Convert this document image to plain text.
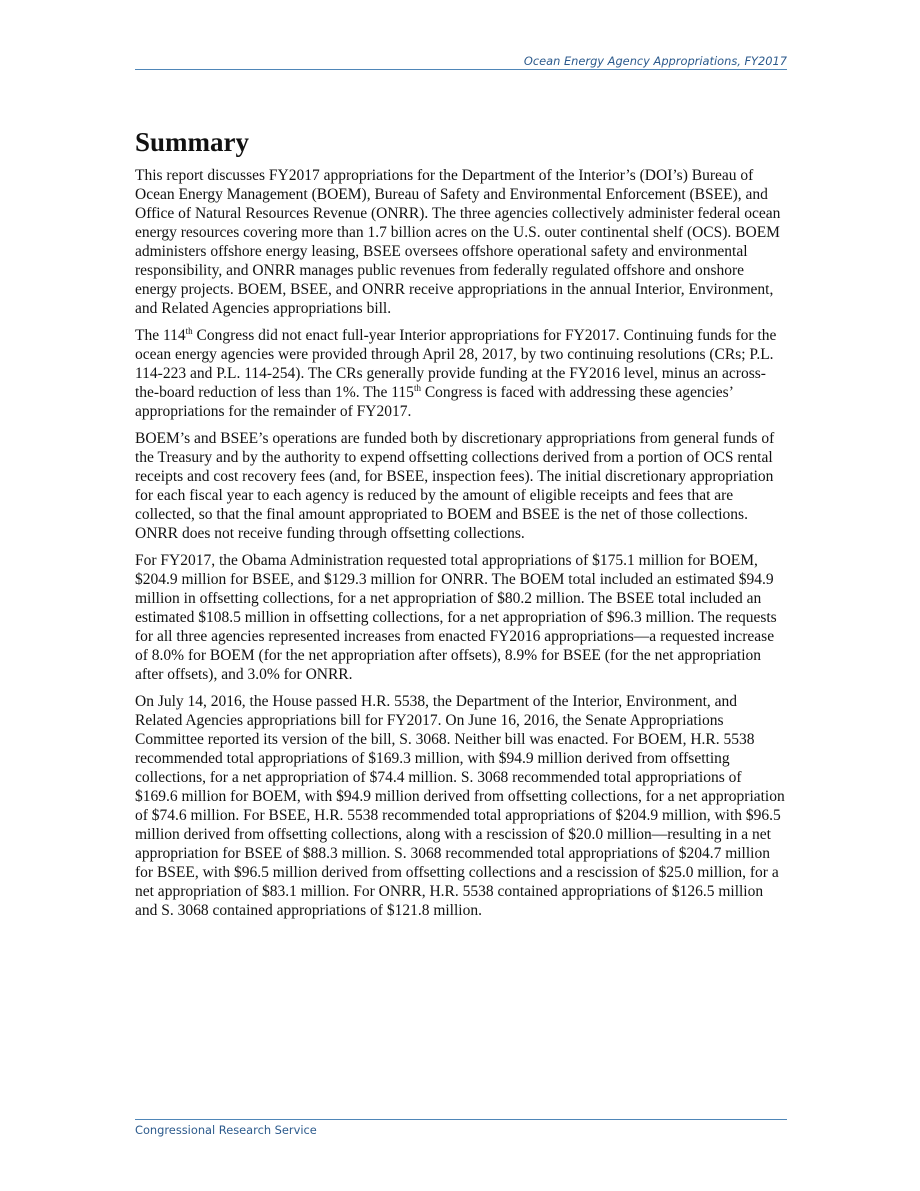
Ocean Energy Agency Appropriations, FY2017
Summary

This report discusses FY2017 appropriations for the Department of the Interior’s (DOI’s) Bureau of Ocean Energy Management (BOEM), Bureau of Safety and Environmental Enforcement (BSEE), and Office of Natural Resources Revenue (ONRR). The three agencies collectively administer federal ocean energy resources covering more than 1.7 billion acres on the U.S. outer continental shelf (OCS). BOEM administers offshore energy leasing, BSEE oversees offshore operational safety and environmental responsibility, and ONRR manages public revenues from federally regulated offshore and onshore energy projects. BOEM, BSEE, and ONRR receive appropriations in the annual Interior, Environment, and Related Agencies appropriations bill.

The 114th Congress did not enact full-year Interior appropriations for FY2017. Continuing funds for the ocean energy agencies were provided through April 28, 2017, by two continuing resolutions (CRs; P.L. 114-223 and P.L. 114-254). The CRs generally provide funding at the FY2016 level, minus an across-the-board reduction of less than 1%. The 115th Congress is faced with addressing these agencies’ appropriations for the remainder of FY2017.

BOEM’s and BSEE’s operations are funded both by discretionary appropriations from general funds of the Treasury and by the authority to expend offsetting collections derived from a portion of OCS rental receipts and cost recovery fees (and, for BSEE, inspection fees). The initial discretionary appropriation for each fiscal year to each agency is reduced by the amount of eligible receipts and fees that are collected, so that the final amount appropriated to BOEM and BSEE is the net of those collections. ONRR does not receive funding through offsetting collections.

For FY2017, the Obama Administration requested total appropriations of $175.1 million for BOEM, $204.9 million for BSEE, and $129.3 million for ONRR. The BOEM total included an estimated $94.9 million in offsetting collections, for a net appropriation of $80.2 million. The BSEE total included an estimated $108.5 million in offsetting collections, for a net appropriation of $96.3 million. The requests for all three agencies represented increases from enacted FY2016 appropriations—a requested increase of 8.0% for BOEM (for the net appropriation after offsets), 8.9% for BSEE (for the net appropriation after offsets), and 3.0% for ONRR.

On July 14, 2016, the House passed H.R. 5538, the Department of the Interior, Environment, and Related Agencies appropriations bill for FY2017. On June 16, 2016, the Senate Appropriations Committee reported its version of the bill, S. 3068. Neither bill was enacted. For BOEM, H.R. 5538 recommended total appropriations of $169.3 million, with $94.9 million derived from offsetting collections, for a net appropriation of $74.4 million. S. 3068 recommended total appropriations of $169.6 million for BOEM, with $94.9 million derived from offsetting collections, for a net appropriation of $74.6 million. For BSEE, H.R. 5538 recommended total appropriations of $204.9 million, with $96.5 million derived from offsetting collections, along with a rescission of $20.0 million—resulting in a net appropriation for BSEE of $88.3 million. S. 3068 recommended total appropriations of $204.7 million for BSEE, with $96.5 million derived from offsetting collections and a rescission of $25.0 million, for a net appropriation of $83.1 million. For ONRR, H.R. 5538 contained appropriations of $126.5 million and S. 3068 contained appropriations of $121.8 million.

Congressional Research Service
